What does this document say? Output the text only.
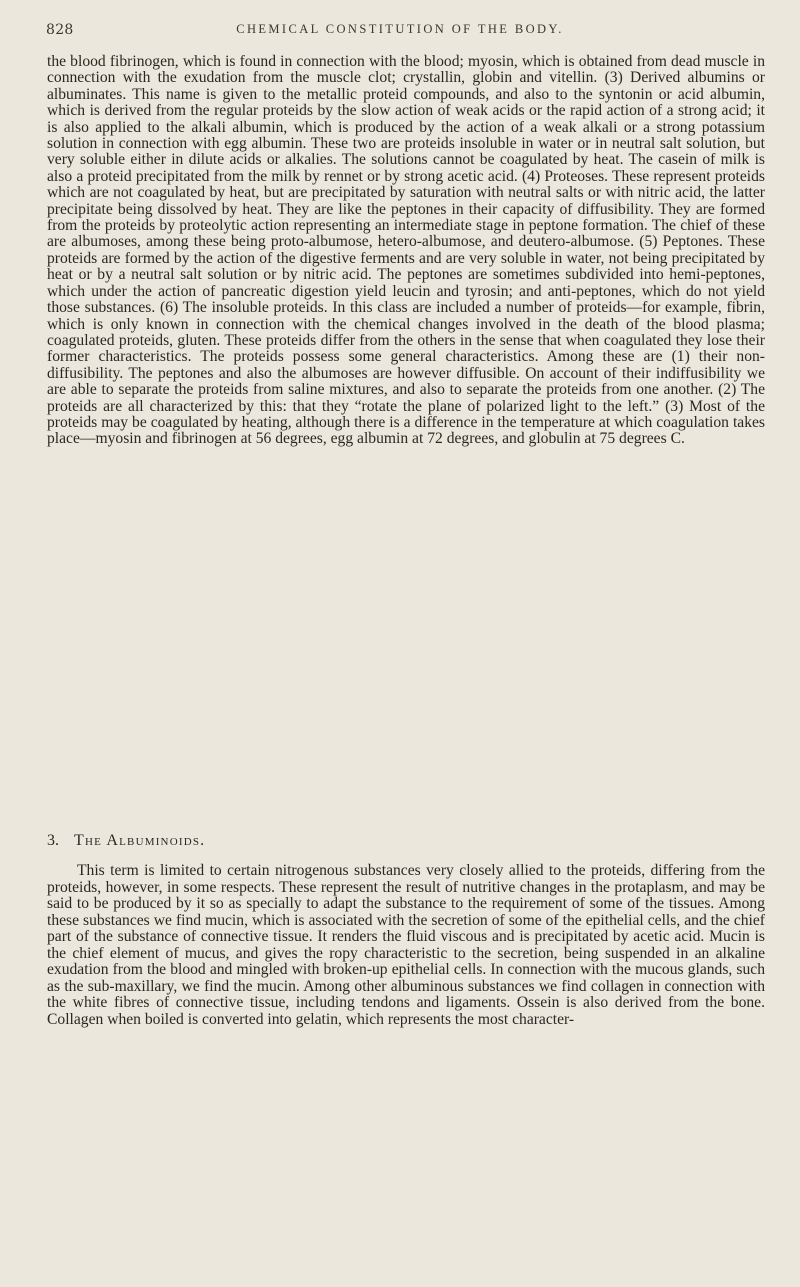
828	CHEMICAL CONSTITUTION OF THE BODY.

the blood fibrinogen, which is found in connection with the blood; myosin, which is obtained from dead muscle in connection with the exudation from the muscle clot; crystallin, globin and vitellin. (3) Derived albumins or albuminates. This name is given to the metallic proteid compounds, and also to the syntonin or acid albumin, which is derived from the regular proteids by the slow action of weak acids or the rapid action of a strong acid; it is also applied to the alkali albumin, which is produced by the action of a weak alkali or a strong potassium solution in connection with egg albumin. These two are proteids insoluble in water or in neutral salt solution, but very soluble either in dilute acids or alkalies. The solutions cannot be coagulated by heat. The casein of milk is also a proteid precipitated from the milk by rennet or by strong acetic acid. (4) Proteoses. These represent proteids which are not coagulated by heat, but are precipitated by saturation with neutral salts or with nitric acid, the latter precipitate being dissolved by heat. They are like the peptones in their capacity of diffusibility. They are formed from the proteids by proteolytic action representing an intermediate stage in peptone formation. The chief of these are albumoses, among these being proto-albumose, hetero-albumose, and deutero-albumose. (5) Peptones. These proteids are formed by the action of the digestive ferments and are very soluble in water, not being precipitated by heat or by a neutral salt solution or by nitric acid. The peptones are sometimes subdivided into hemi-peptones, which under the action of pancreatic digestion yield leucin and tyrosin; and anti-peptones, which do not yield those substances. (6) The insoluble proteids. In this class are included a number of proteids—for example, fibrin, which is only known in connection with the chemical changes involved in the death of the blood plasma; coagulated proteids, gluten. These proteids differ from the others in the sense that when coagulated they lose their former characteristics. The proteids possess some general characteristics. Among these are (1) their non-diffusibility. The peptones and also the albumoses are however diffusible. On account of their indiffusibility we are able to separate the proteids from saline mixtures, and also to separate the proteids from one another. (2) The proteids are all characterized by this: that they “rotate the plane of polarized light to the left.” (3) Most of the proteids may be coagulated by heating, although there is a difference in the temperature at which coagulation takes place—myosin and fibrinogen at 56 degrees, egg albumin at 72 degrees, and globulin at 75 degrees C.

3. The Albuminoids.

This term is limited to certain nitrogenous substances very closely allied to the proteids, differing from the proteids, however, in some respects. These represent the result of nutritive changes in the protaplasm, and may be said to be produced by it so as specially to adapt the substance to the requirement of some of the tissues. Among these substances we find mucin, which is associated with the secretion of some of the epithelial cells, and the chief part of the substance of connective tissue. It renders the fluid viscous and is precipitated by acetic acid. Mucin is the chief element of mucus, and gives the ropy characteristic to the secretion, being suspended in an alkaline exudation from the blood and mingled with broken-up epithelial cells. In connection with the mucous glands, such as the sub-maxillary, we find the mucin. Among other albuminous substances we find collagen in connection with the white fibres of connective tissue, including tendons and ligaments. Ossein is also derived from the bone. Collagen when boiled is converted into gelatin, which represents the most character-
